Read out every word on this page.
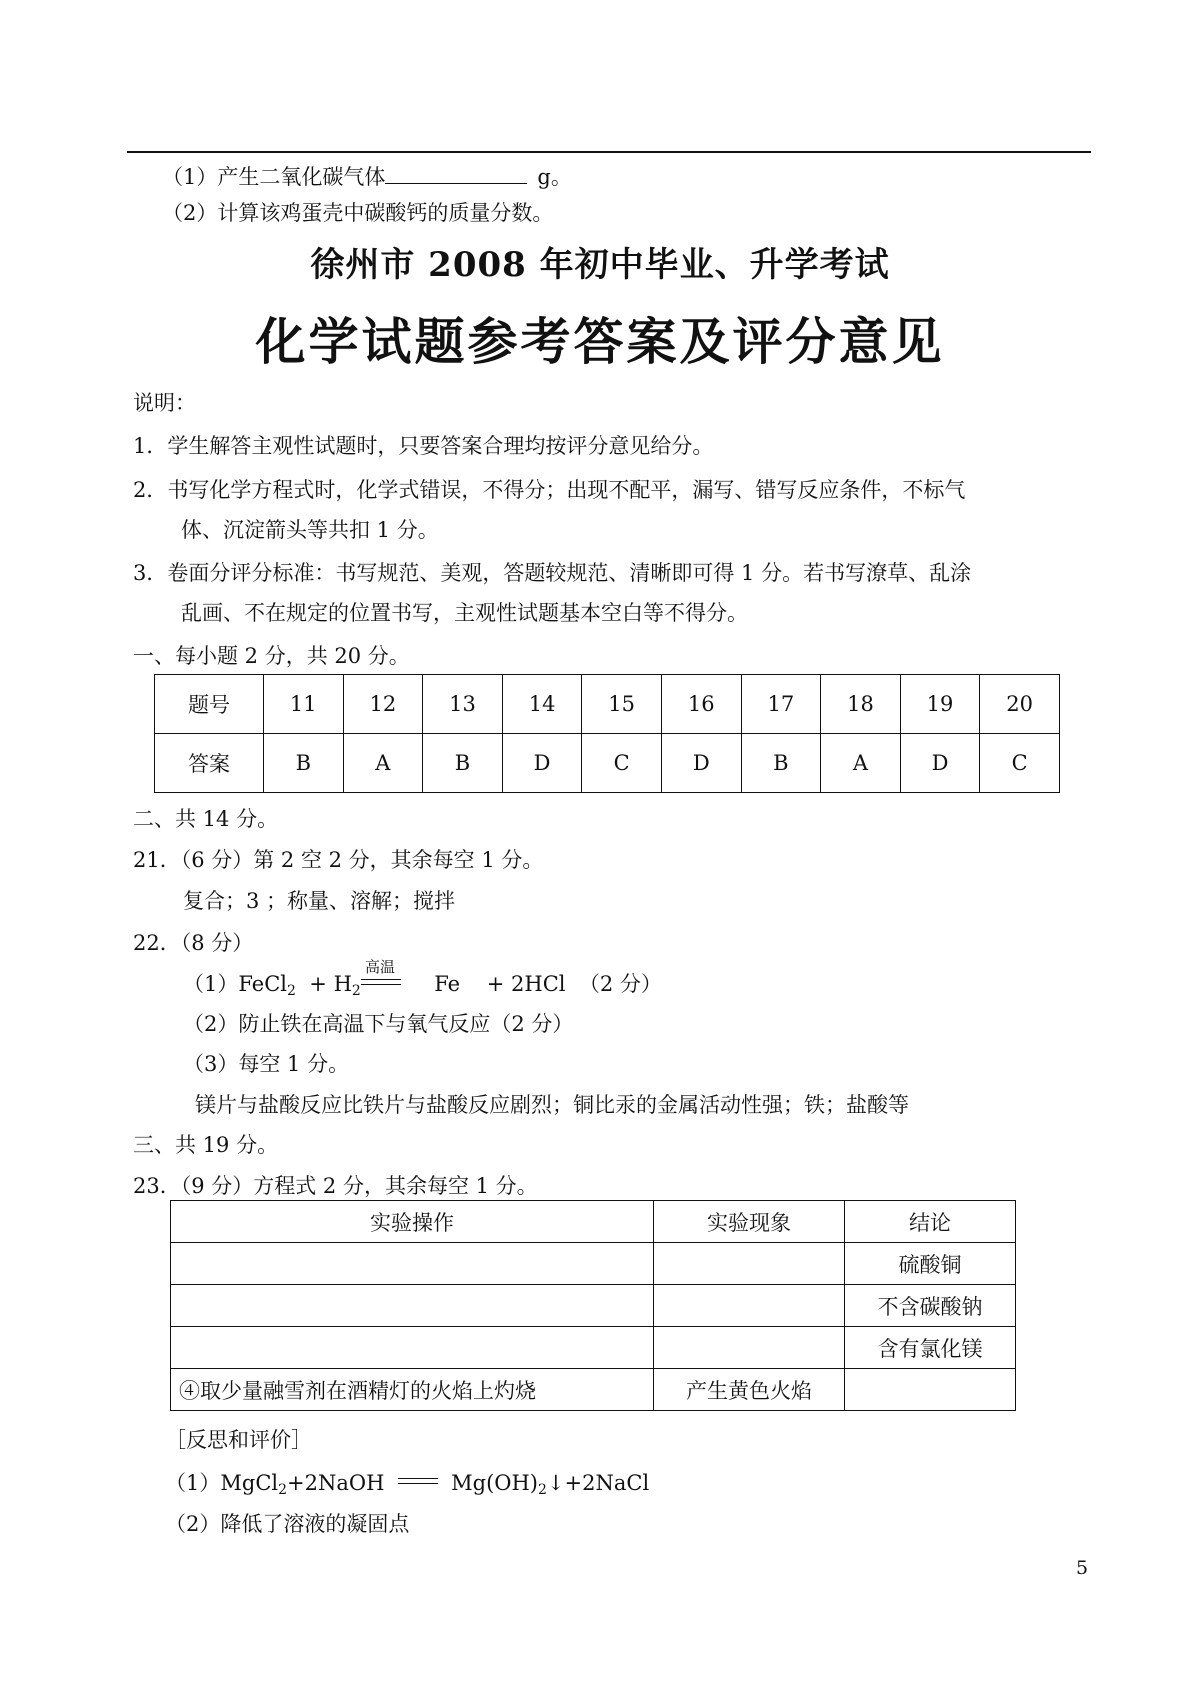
（1）产生二氧化碳气体	g。
（2）计算该鸡蛋壳中碳酸钙的质量分数。
徐州市 2008 年初中毕业、升学考试
化学试题参考答案及评分意见
说明：
1．学生解答主观性试题时，只要答案合理均按评分意见给分。
2．书写化学方程式时，化学式错误，不得分；出现不配平，漏写、错写反应条件，不标气
体、沉淀箭头等共扣 1 分。
3．卷面分评分标准：书写规范、美观，答题较规范、清晰即可得 1 分。若书写潦草、乱涂
乱画、不在规定的位置书写，主观性试题基本空白等不得分。
一、每小题 2 分，共 20 分。
题号	11	12	13	14	15	16	17	18	19	20
答案	B	A	B	D	C	D	B	A	D	C
二、共 14 分。
21．（6 分）第 2 空 2 分，其余每空 1 分。
复合；3 ；称量、溶解；搅拌
22．（8 分）
（1）FeCl$_2$ + $H_2$	Fe + 2HCl （2 分）
高温
（2）防止铁在高温下与氧气反应（2 分）
（3）每空 1 分。
镁片与盐酸反应比铁片与盐酸反应剧烈；铜比汞的金属活动性强；铁；盐酸等
三、共 19 分。
23．（9 分）方程式 2 分，其余每空 1 分。
实验操作	实验现象	结论
		硫酸铜
		不含碳酸钠
		含有氯化镁
④取少量融雪剂在酒精灯的火焰上灼烧	产生黄色火焰	
［反思和评价］
（1）MgCl$_2$+2NaOH	$Mg(OH)_2↓+2NaCl$
（2）降低了溶液的凝固点
5
